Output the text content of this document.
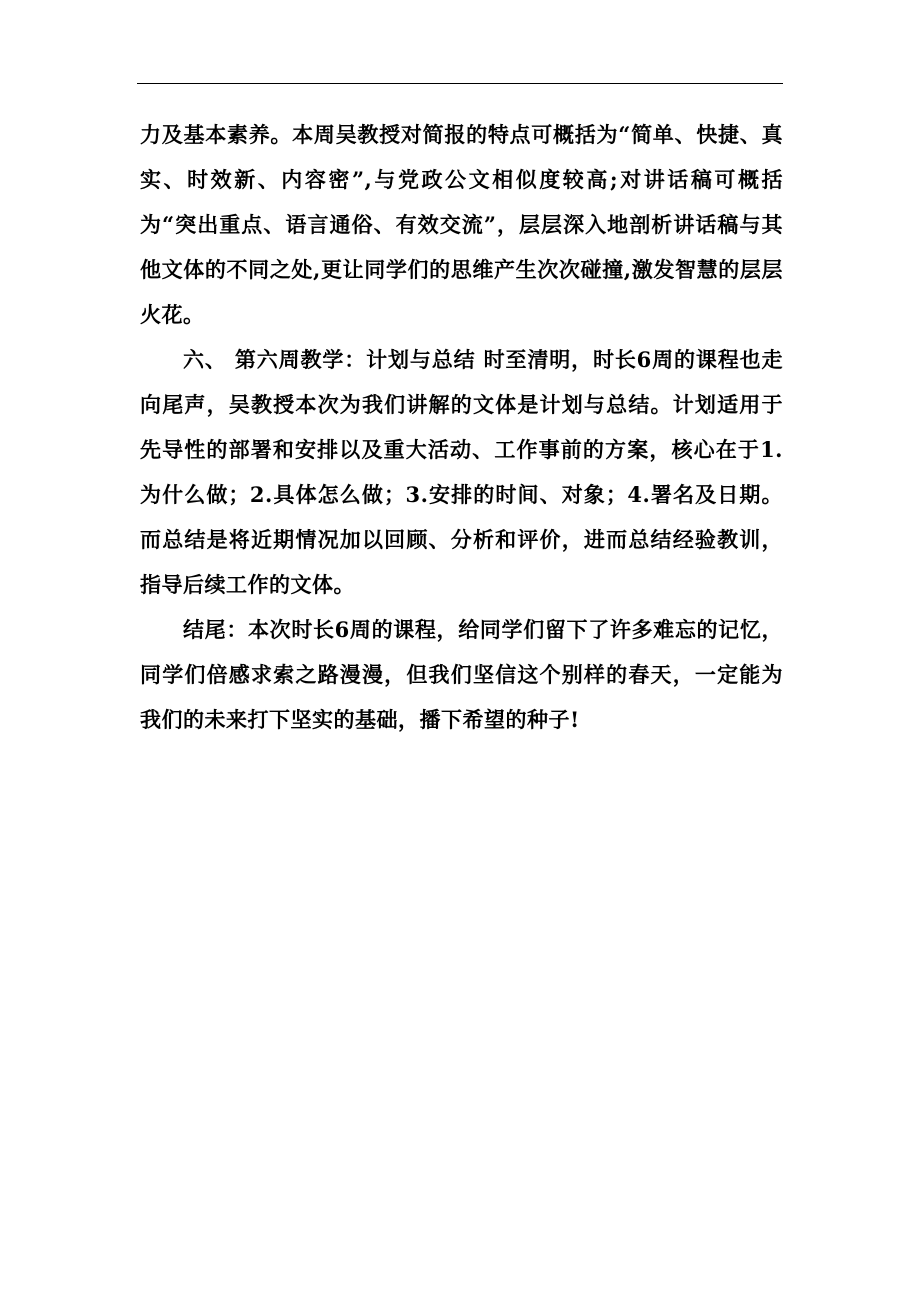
力及基本素养。本周吴教授对简报的特点可概括为“简单、快捷、真实、时效新、内容密”,与党政公文相似度较高;对讲话稿可概括为“突出重点、语言通俗、有效交流”，层层深入地剖析讲话稿与其他文体的不同之处,更让同学们的思维产生次次碰撞,激发智慧的层层火花。

六、 第六周教学：计划与总结 时至清明，时长6周的课程也走向尾声，吴教授本次为我们讲解的文体是计划与总结。计划适用于先导性的部署和安排以及重大活动、工作事前的方案，核心在于1.为什么做；2.具体怎么做；3.安排的时间、对象；4.署名及日期。而总结是将近期情况加以回顾、分析和评价，进而总结经验教训，指导后续工作的文体。

结尾：本次时长6周的课程，给同学们留下了许多难忘的记忆，同学们倍感求索之路漫漫，但我们坚信这个别样的春天，一定能为我们的未来打下坚实的基础，播下希望的种子!
